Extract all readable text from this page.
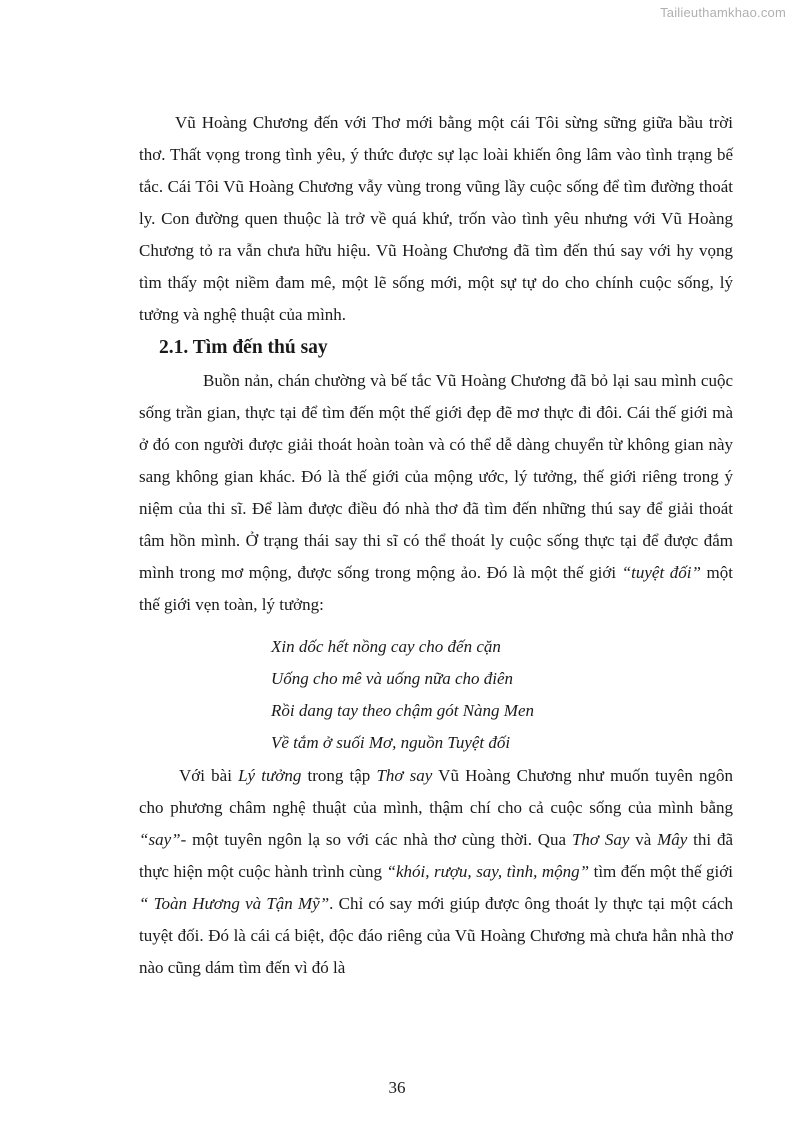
Tailieuthamkhao.com

Vũ Hoàng Chương đến với Thơ mới bằng một cái Tôi sừng sững giữa bầu trời thơ. Thất vọng trong tình yêu, ý thức được sự lạc loài khiến ông lâm vào tình trạng bế tắc. Cái Tôi Vũ Hoàng Chương vẫy vùng trong vũng lầy cuộc sống để tìm đường thoát ly. Con đường quen thuộc là trở về quá khứ, trốn vào tình yêu nhưng với Vũ Hoàng Chương tỏ ra vẫn chưa hữu hiệu. Vũ Hoàng Chương đã tìm đến thú say với hy vọng tìm thấy một niềm đam mê, một lẽ sống mới, một sự tự do cho chính cuộc sống, lý tưởng và nghệ thuật của mình.

2.1. Tìm đến thú say

Buồn nản, chán chường và bế tắc Vũ Hoàng Chương đã bỏ lại sau mình cuộc sống trần gian, thực tại để tìm đến một thế giới đẹp đẽ mơ thực đi đôi. Cái thế giới mà ở đó con người được giải thoát hoàn toàn và có thể dễ dàng chuyển từ không gian này sang không gian khác. Đó là thế giới của mộng ước, lý tưởng, thế giới riêng trong ý niệm của thi sĩ. Để làm được điều đó nhà thơ đã tìm đến những thú say để giải thoát tâm hồn mình. Ở trạng thái say thi sĩ có thể thoát ly cuộc sống thực tại để được đắm mình trong mơ mộng, được sống trong mộng ảo. Đó là một thế giới “tuyệt đối” một thế giới vẹn toàn, lý tưởng:

Xin dốc hết nồng cay cho đến cặn
Uống cho mê và uống nữa cho điên
Rồi dang tay theo chậm gót Nàng Men
Về tắm ở suối Mơ, nguồn Tuyệt đối

Với bài Lý tưởng trong tập Thơ say Vũ Hoàng Chương như muốn tuyên ngôn cho phương châm nghệ thuật của mình, thậm chí cho cả cuộc sống của mình bằng “say”- một tuyên ngôn lạ so với các nhà thơ cùng thời. Qua Thơ Say và Mây thi đã thực hiện một cuộc hành trình cùng “khói, rượu, say, tình, mộng” tìm đến một thế giới “ Toàn Hương và Tận Mỹ”. Chỉ có say mới giúp được ông thoát ly thực tại một cách tuyệt đối. Đó là cái cá biệt, độc đáo riêng của Vũ Hoàng Chương mà chưa hẳn nhà thơ nào cũng dám tìm đến vì đó là

36
